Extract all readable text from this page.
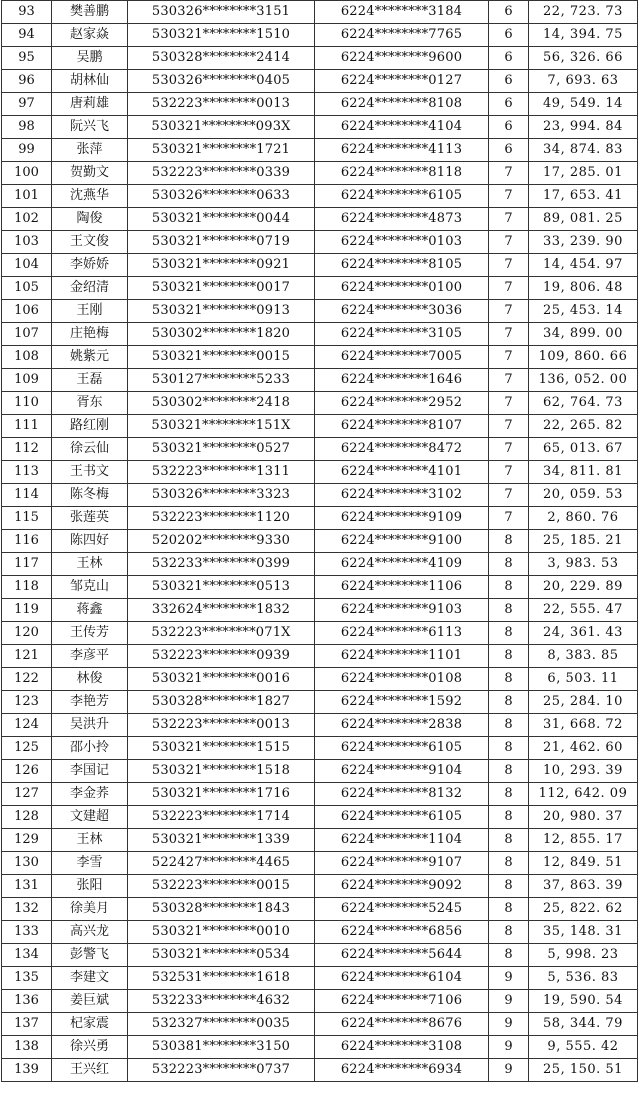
93	樊善鹏	530326********3151	6224********3184	6	22, 723. 73
94	赵家焱	530321********1510	6224********7765	6	14, 394. 75
95	吴鹏	530328********2414	6224********9600	6	56, 326. 66
96	胡林仙	530326********0405	6224********0127	6	7, 693. 63
97	唐莉雄	532223********0013	6224********8108	6	49, 549. 14
98	阮兴飞	530321********093X	6224********4104	6	23, 994. 84
99	张萍	530321********1721	6224********4113	6	34, 874. 83
100	贺勤文	532223********0339	6224********8118	7	17, 285. 01
101	沈燕华	530326********0633	6224********6105	7	17, 653. 41
102	陶俊	530321********0044	6224********4873	7	89, 081. 25
103	王文俊	530321********0719	6224********0103	7	33, 239. 90
104	李娇娇	530321********0921	6224********8105	7	14, 454. 97
105	金绍清	530321********0017	6224********0100	7	19, 806. 48
106	王刚	530321********0913	6224********3036	7	25, 453. 14
107	庄艳梅	530302********1820	6224********3105	7	34, 899. 00
108	姚紫元	530321********0015	6224********7005	7	109, 860. 66
109	王磊	530127********5233	6224********1646	7	136, 052. 00
110	胥东	530302********2418	6224********2952	7	62, 764. 73
111	路红刚	530321********151X	6224********8107	7	22, 265. 82
112	徐云仙	530321********0527	6224********8472	7	65, 013. 67
113	王书文	532223********1311	6224********4101	7	34, 811. 81
114	陈冬梅	530326********3323	6224********3102	7	20, 059. 53
115	张莲英	532223********1120	6224********9109	7	2, 860. 76
116	陈四好	520202********9330	6224********9100	8	25, 185. 21
117	王林	532233********0399	6224********4109	8	3, 983. 53
118	邹克山	530321********0513	6224********1106	8	20, 229. 89
119	蒋鑫	332624********1832	6224********9103	8	22, 555. 47
120	王传芳	532223********071X	6224********6113	8	24, 361. 43
121	李彦平	532223********0939	6224********1101	8	8, 383. 85
122	林俊	530321********0016	6224********0108	8	6, 503. 11
123	李艳芳	530328********1827	6224********1592	8	25, 284. 10
124	吴洪升	532223********0013	6224********2838	8	31, 668. 72
125	邵小拎	530321********1515	6224********6105	8	21, 462. 60
126	李国记	530321********1518	6224********9104	8	10, 293. 39
127	李金荞	530321********1716	6224********8132	8	112, 642. 09
128	文建超	532223********1714	6224********6105	8	20, 980. 37
129	王林	530321********1339	6224********1104	8	12, 855. 17
130	李雪	522427********4465	6224********9107	8	12, 849. 51
131	张阳	532223********0015	6224********9092	8	37, 863. 39
132	徐美月	530328********1843	6224********5245	8	25, 822. 62
133	高兴龙	530321********0010	6224********6856	8	35, 148. 31
134	彭警飞	530321********0534	6224********5644	8	5, 998. 23
135	李建文	532531********1618	6224********6104	9	5, 536. 83
136	姜巨斌	532233********4632	6224********7106	9	19, 590. 54
137	杞家震	532327********0035	6224********8676	9	58, 344. 79
138	徐兴勇	530381********3150	6224********3108	9	9, 555. 42
139	王兴红	532223********0737	6224********6934	9	25, 150. 51
